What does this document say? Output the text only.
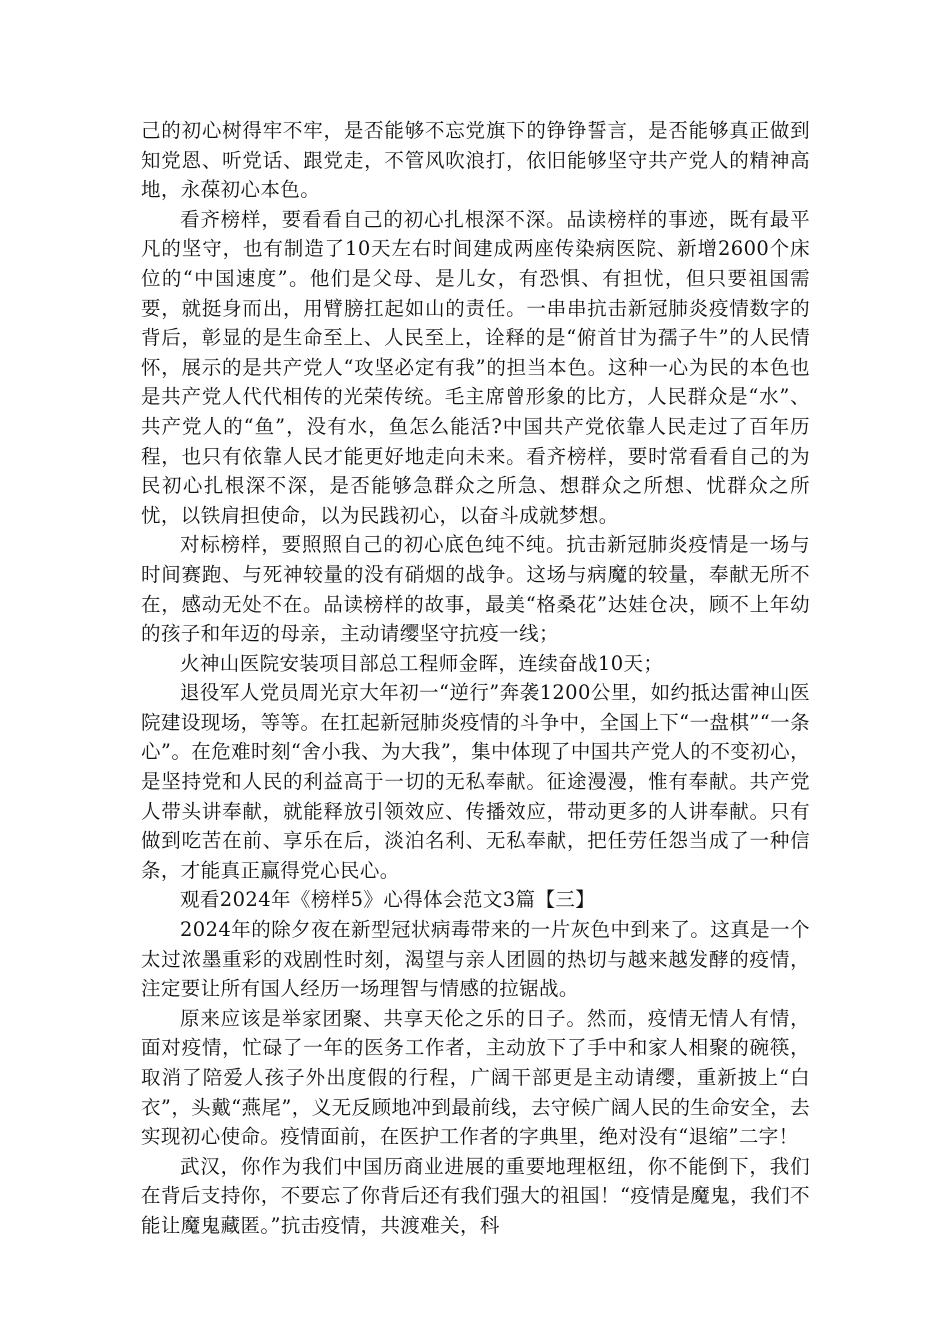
己的初心树得牢不牢，是否能够不忘党旗下的铮铮誓言，是否能够真正做到知党恩、听党话、跟党走，不管风吹浪打，依旧能够坚守共产党人的精神高地，永葆初心本色。

看齐榜样，要看看自己的初心扎根深不深。品读榜样的事迹，既有最平凡的坚守，也有制造了10天左右时间建成两座传染病医院、新增2600个床位的“中国速度”。他们是父母、是儿女，有恐惧、有担忧，但只要祖国需要，就挺身而出，用臂膀扛起如山的责任。一串串抗击新冠肺炎疫情数字的背后，彰显的是生命至上、人民至上，诠释的是“俯首甘为孺子牛”的人民情怀，展示的是共产党人“攻坚必定有我”的担当本色。这种一心为民的本色也是共产党人代代相传的光荣传统。毛主席曾形象的比方，人民群众是“水”、共产党人的“鱼”，没有水，鱼怎么能活?中国共产党依靠人民走过了百年历程，也只有依靠人民才能更好地走向未来。看齐榜样，要时常看看自己的为民初心扎根深不深，是否能够急群众之所急、想群众之所想、忧群众之所忧，以铁肩担使命，以为民践初心，以奋斗成就梦想。

对标榜样，要照照自己的初心底色纯不纯。抗击新冠肺炎疫情是一场与时间赛跑、与死神较量的没有硝烟的战争。这场与病魔的较量，奉献无所不在，感动无处不在。品读榜样的故事，最美“格桑花”达娃仓决，顾不上年幼的孩子和年迈的母亲，主动请缨坚守抗疫一线；

火神山医院安装项目部总工程师金晖，连续奋战10天；

退役军人党员周光京大年初一“逆行”奔袭1200公里，如约抵达雷神山医院建设现场，等等。在扛起新冠肺炎疫情的斗争中，全国上下“一盘棋”“一条心”。在危难时刻“舍小我、为大我”，集中体现了中国共产党人的不变初心，是坚持党和人民的利益高于一切的无私奉献。征途漫漫，惟有奉献。共产党人带头讲奉献，就能释放引领效应、传播效应，带动更多的人讲奉献。只有做到吃苦在前、享乐在后，淡泊名利、无私奉献，把任劳任怨当成了一种信条，才能真正赢得党心民心。

观看2024年《榜样5》心得体会范文3篇【三】

2024年的除夕夜在新型冠状病毒带来的一片灰色中到来了。这真是一个太过浓墨重彩的戏剧性时刻，渴望与亲人团圆的热切与越来越发酵的疫情，注定要让所有国人经历一场理智与情感的拉锯战。

原来应该是举家团聚、共享天伦之乐的日子。然而，疫情无情人有情，面对疫情，忙碌了一年的医务工作者，主动放下了手中和家人相聚的碗筷，取消了陪爱人孩子外出度假的行程，广阔干部更是主动请缨，重新披上“白衣”，头戴“燕尾”，义无反顾地冲到最前线，去守候广阔人民的生命安全，去实现初心使命。疫情面前，在医护工作者的字典里，绝对没有“退缩”二字！

武汉，你作为我们中国历商业进展的重要地理枢纽，你不能倒下，我们在背后支持你，不要忘了你背后还有我们强大的祖国！“疫情是魔鬼，我们不能让魔鬼藏匿。”抗击疫情，共渡难关，科
